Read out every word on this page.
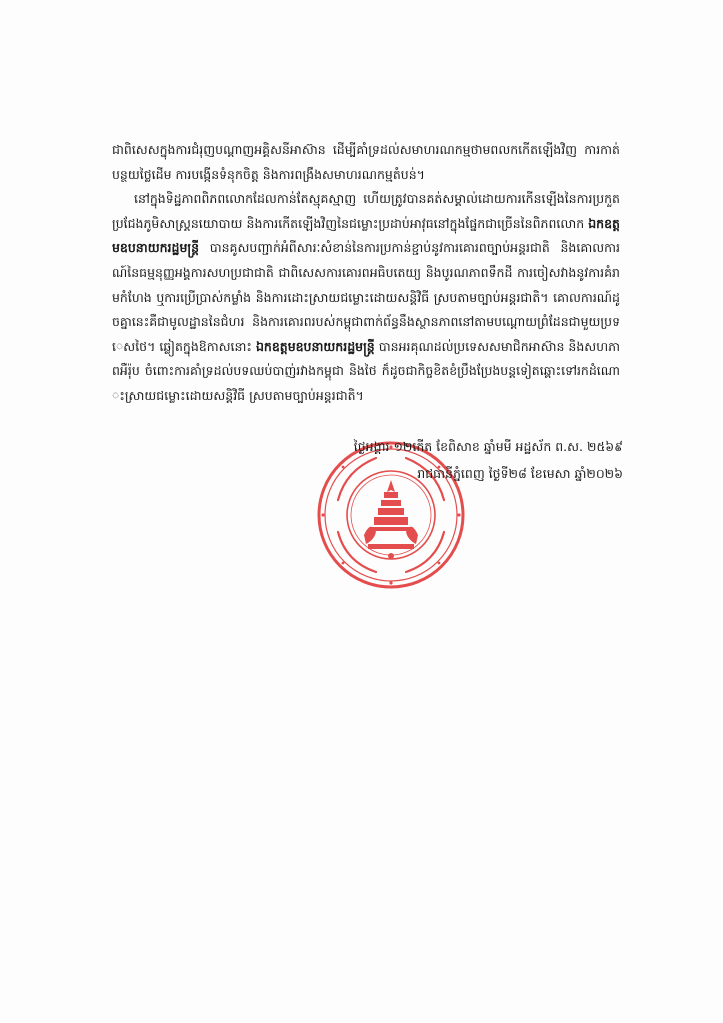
ជាពិសេសក្នុងការជំរុញបណ្ដាញអគ្គិសនីអាស៊ាន ដើម្បីគាំទ្រដល់សមាហរណកម្មថាមពលកកើតឡើងវិញ ការកាត់បន្ថយថ្លៃដើម ការបង្កើនទំនុកចិត្ត និងការពង្រឹងសមាហរណកម្មតំបន់។

នៅក្នុងទិដ្ឋភាពពិភពលោកដែលកាន់តែស្មុគស្មាញ ហើយត្រូវបានគត់សម្គាល់ដោយការកើនឡើងនៃការប្រកួតប្រជែងភូមិសាស្ត្រនយោបាយ និងការកើតឡើងវិញនៃជម្លោះប្រដាប់អាវុធនៅក្នុងផ្នែកជាច្រើននៃពិភពលោក ឯកឧត្តមឧបនាយករដ្ឋមន្ត្រី បានគូសបញ្ជាក់អំពីសារៈសំខាន់នៃការប្រកាន់ខ្ជាប់នូវការគោរពច្បាប់អន្តរជាតិ និងគោលការណ៍នៃធម្មនុញ្ញអង្គការសហប្រជាជាតិ ជាពិសេសការគោរពអធិបតេយ្យ និងបូរណភាពទឹកដី ការចៀសវាងនូវការគំរាមកំហែង ឬការប្រើប្រាស់កម្លាំង និងការដោះស្រាយជម្លោះដោយសន្តិវិធី ស្របតាមច្បាប់អន្តរជាតិ។ គោលការណ៍ដូចគ្នានេះគឺជាមូលដ្ឋាននៃជំហរ និងការគោរពរបស់កម្ពុជាពាក់ព័ន្ធនឹងស្ថានភាពនៅតាមបណ្ដោយព្រំដែនជាមួយប្រទេសថៃ។ ឆ្លៀតក្នុងឱកាសនោះ ឯកឧត្តមឧបនាយករដ្ឋមន្ត្រី បានអរគុណដល់ប្រទេសសមាជិកអាស៊ាន និងសហភាពអឺរ៉ុប ចំពោះការគាំទ្រដល់បទឈប់បាញ់រវាងកម្ពុជា និងថៃ ក៏ដូចជាកិច្ចខិតខំប្រឹងប្រែងបន្តទៀតឆ្ពោះទៅរកដំណោះស្រាយជម្លោះដោយសន្តិវិធី ស្របតាមច្បាប់អន្តរជាតិ។

ថ្ងៃអង្គារ ១២កើត ខែពិសាខ ឆ្នាំមមី អដ្ឋស័ក ព.ស. ២៥៦៩
រាជធានីភ្នំពេញ ថ្ងៃទី២៨ ខែមេសា ឆ្នាំ២០២៦
